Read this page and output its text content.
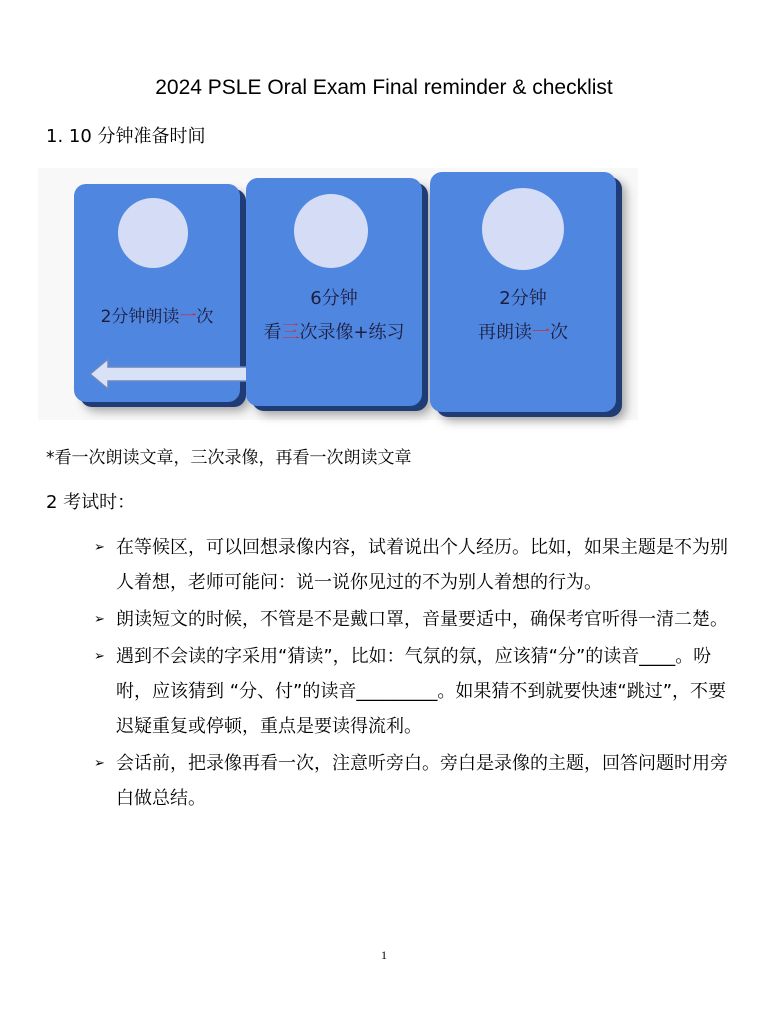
2024 PSLE Oral Exam Final reminder & checklist
1. 10 分钟准备时间
2分钟朗读一次
6分钟
看三次录像+练习
2分钟
再朗读一次
*看一次朗读文章，三次录像，再看一次朗读文章
2 考试时：
➢ 在等候区，可以回想录像内容，试着说出个人经历。比如，如果主题是不为别人着想，老师可能问：说一说你见过的不为别人着想的行为。
➢ 朗读短文的时候，不管是不是戴口罩，音量要适中，确保考官听得一清二楚。
➢ 遇到不会读的字采用“猜读”，比如：气氛的氛，应该猜“分”的读音____。吩咐，应该猜到 “分、付”的读音_________。如果猜不到就要快速“跳过”，不要迟疑重复或停顿，重点是要读得流利。
➢ 会话前，把录像再看一次，注意听旁白。旁白是录像的主题，回答问题时用旁白做总结。
1
